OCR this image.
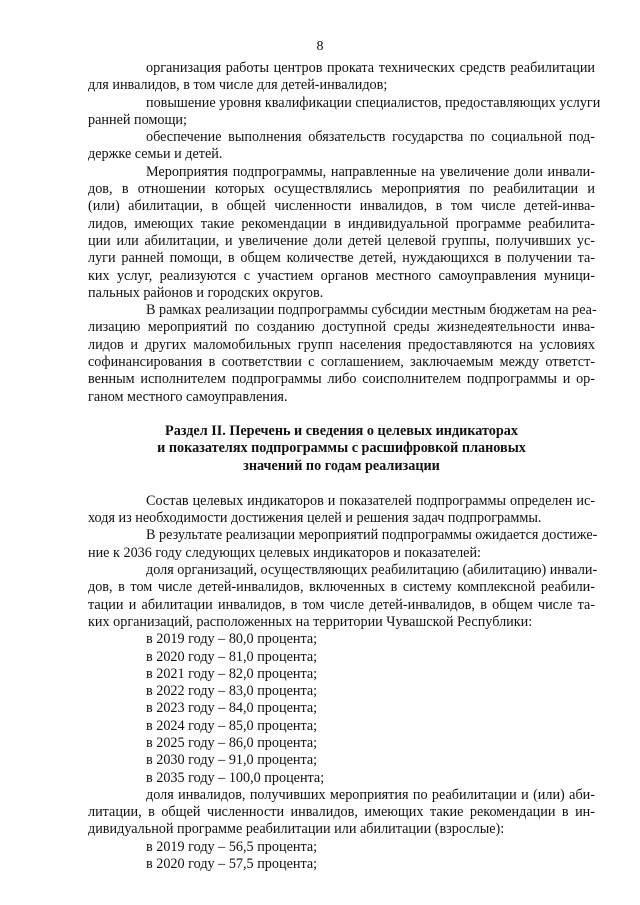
8
организация работы центров проката технических средств реабилитации
для инвалидов, в том числе для детей-инвалидов;
повышение уровня квалификации специалистов, предоставляющих услуги
ранней помощи;
обеспечение выполнения обязательств государства по социальной под-
держке семьи и детей.
Мероприятия подпрограммы, направленные на увеличение доли инвали-
дов, в отношении которых осуществлялись мероприятия по реабилитации и
(или) абилитации, в общей численности инвалидов, в том числе детей-инва-
лидов, имеющих такие рекомендации в индивидуальной программе реабилита-
ции или абилитации, и увеличение доли детей целевой группы, получивших ус-
луги ранней помощи, в общем количестве детей, нуждающихся в получении та-
ких услуг, реализуются с участием органов местного самоуправления муници-
пальных районов и городских округов.
В рамках реализации подпрограммы субсидии местным бюджетам на реа-
лизацию мероприятий по созданию доступной среды жизнедеятельности инва-
лидов и других маломобильных групп населения предоставляются на условиях
софинансирования в соответствии с соглашением, заключаемым между ответст-
венным исполнителем подпрограммы либо соисполнителем подпрограммы и ор-
ганом местного самоуправления.
Раздел II. Перечень и сведения о целевых индикаторах
и показателях подпрограммы с расшифровкой плановых
значений по годам реализации
Состав целевых индикаторов и показателей подпрограммы определен ис-
ходя из необходимости достижения целей и решения задач подпрограммы.
В результате реализации мероприятий подпрограммы ожидается достиже-
ние к 2036 году следующих целевых индикаторов и показателей:
доля организаций, осуществляющих реабилитацию (абилитацию) инвали-
дов, в том числе детей-инвалидов, включенных в систему комплексной реабили-
тации и абилитации инвалидов, в том числе детей-инвалидов, в общем числе та-
ких организаций, расположенных на территории Чувашской Республики:
в 2019 году – 80,0 процента;
в 2020 году – 81,0 процента;
в 2021 году – 82,0 процента;
в 2022 году – 83,0 процента;
в 2023 году – 84,0 процента;
в 2024 году – 85,0 процента;
в 2025 году – 86,0 процента;
в 2030 году – 91,0 процента;
в 2035 году – 100,0 процента;
доля инвалидов, получивших мероприятия по реабилитации и (или) аби-
литации, в общей численности инвалидов, имеющих такие рекомендации в ин-
дивидуальной программе реабилитации или абилитации (взрослые):
в 2019 году – 56,5 процента;
в 2020 году – 57,5 процента;
